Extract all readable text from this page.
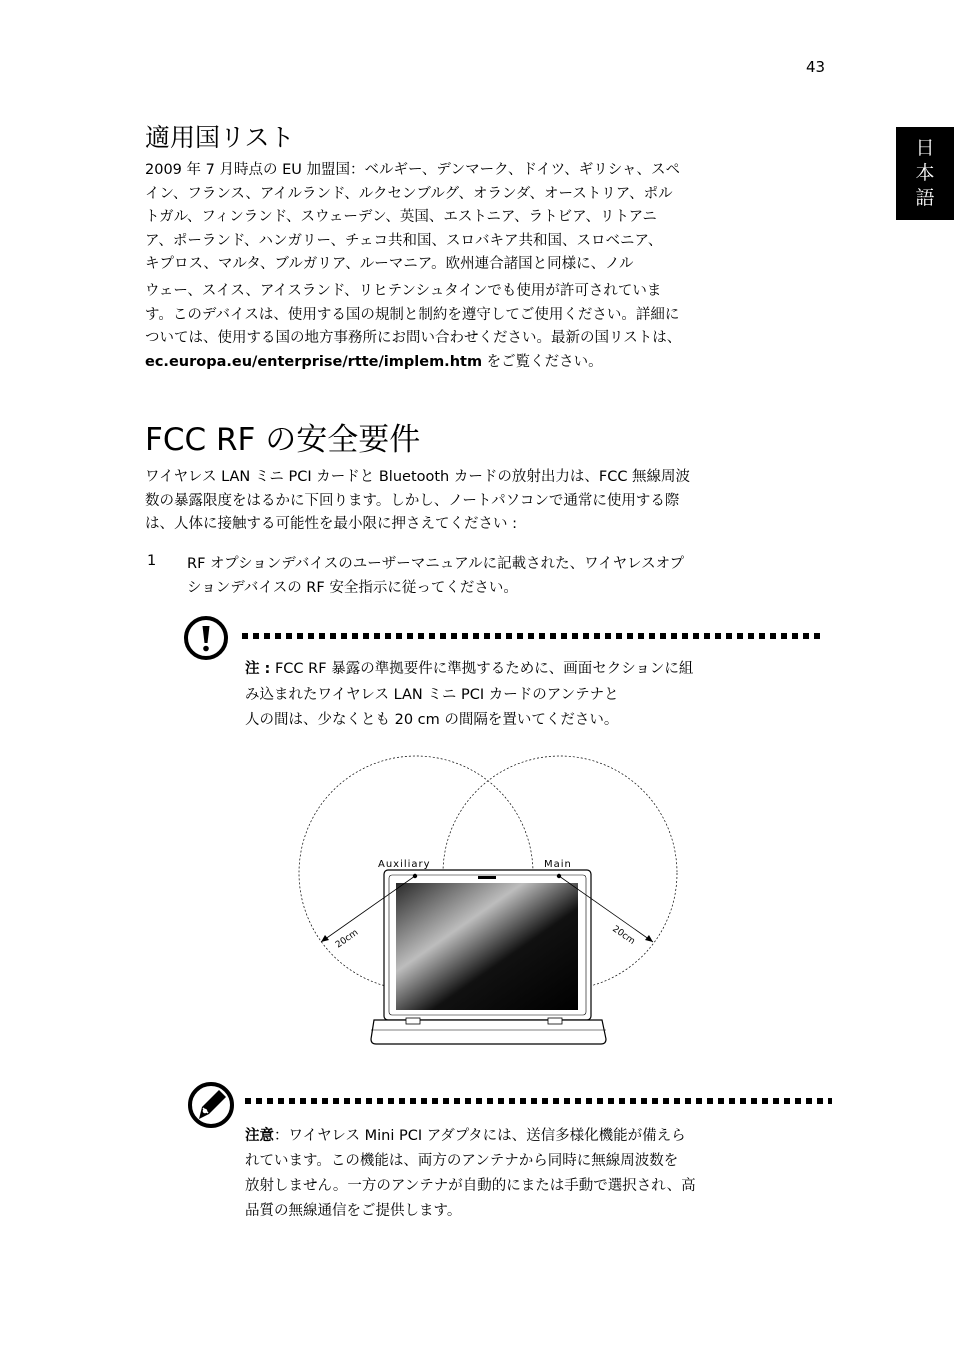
43
日
本
語
適用国リスト
2009 年 7 月時点の EU 加盟国：ベルギー、デンマーク、ドイツ、ギリシャ、スペ
イン、フランス、アイルランド、ルクセンブルグ、オランダ、オーストリア、ポル
トガル、フィンランド、スウェーデン、英国、エストニア、ラトビア、リトアニ
ア、ポーランド、ハンガリー、チェコ共和国、スロバキア共和国、スロベニア、
キプロス、マルタ、ブルガリア、ルーマニア。欧州連合諸国と同様に、ノル
ウェー、スイス、アイスランド、リヒテンシュタインでも使用が許可されていま
す。このデバイスは、使用する国の規制と制約を遵守してご使用ください。詳細に
ついては、使用する国の地方事務所にお問い合わせください。最新の国リストは、
ec.europa.eu/enterprise/rtte/implem.htm をご覧ください。
FCC RF の安全要件
ワイヤレス LAN ミニ PCI カードと Bluetooth カードの放射出力は、FCC 無線周波
数の暴露限度をはるかに下回ります。しかし、ノートパソコンで通常に使用する際
は、人体に接触する可能性を最小限に押さえてください :
1 RF オプションデバイスのユーザーマニュアルに記載された、ワイヤレスオプ
ションデバイスの RF 安全指示に従ってください。
注 : FCC RF 暴露の準拠要件に準拠するために、画面セクションに組
み込まれたワイヤレス LAN ミニ PCI カードのアンテナと
人の間は、少なくとも 20 cm の間隔を置いてください。
Auxiliary	Main
20cm	20cm
注意：ワイヤレス Mini PCI アダプタには、送信多様化機能が備えら
れています。この機能は、両方のアンテナから同時に無線周波数を
放射しません。一方のアンテナが自動的にまたは手動で選択され、高
品質の無線通信をご提供します。
